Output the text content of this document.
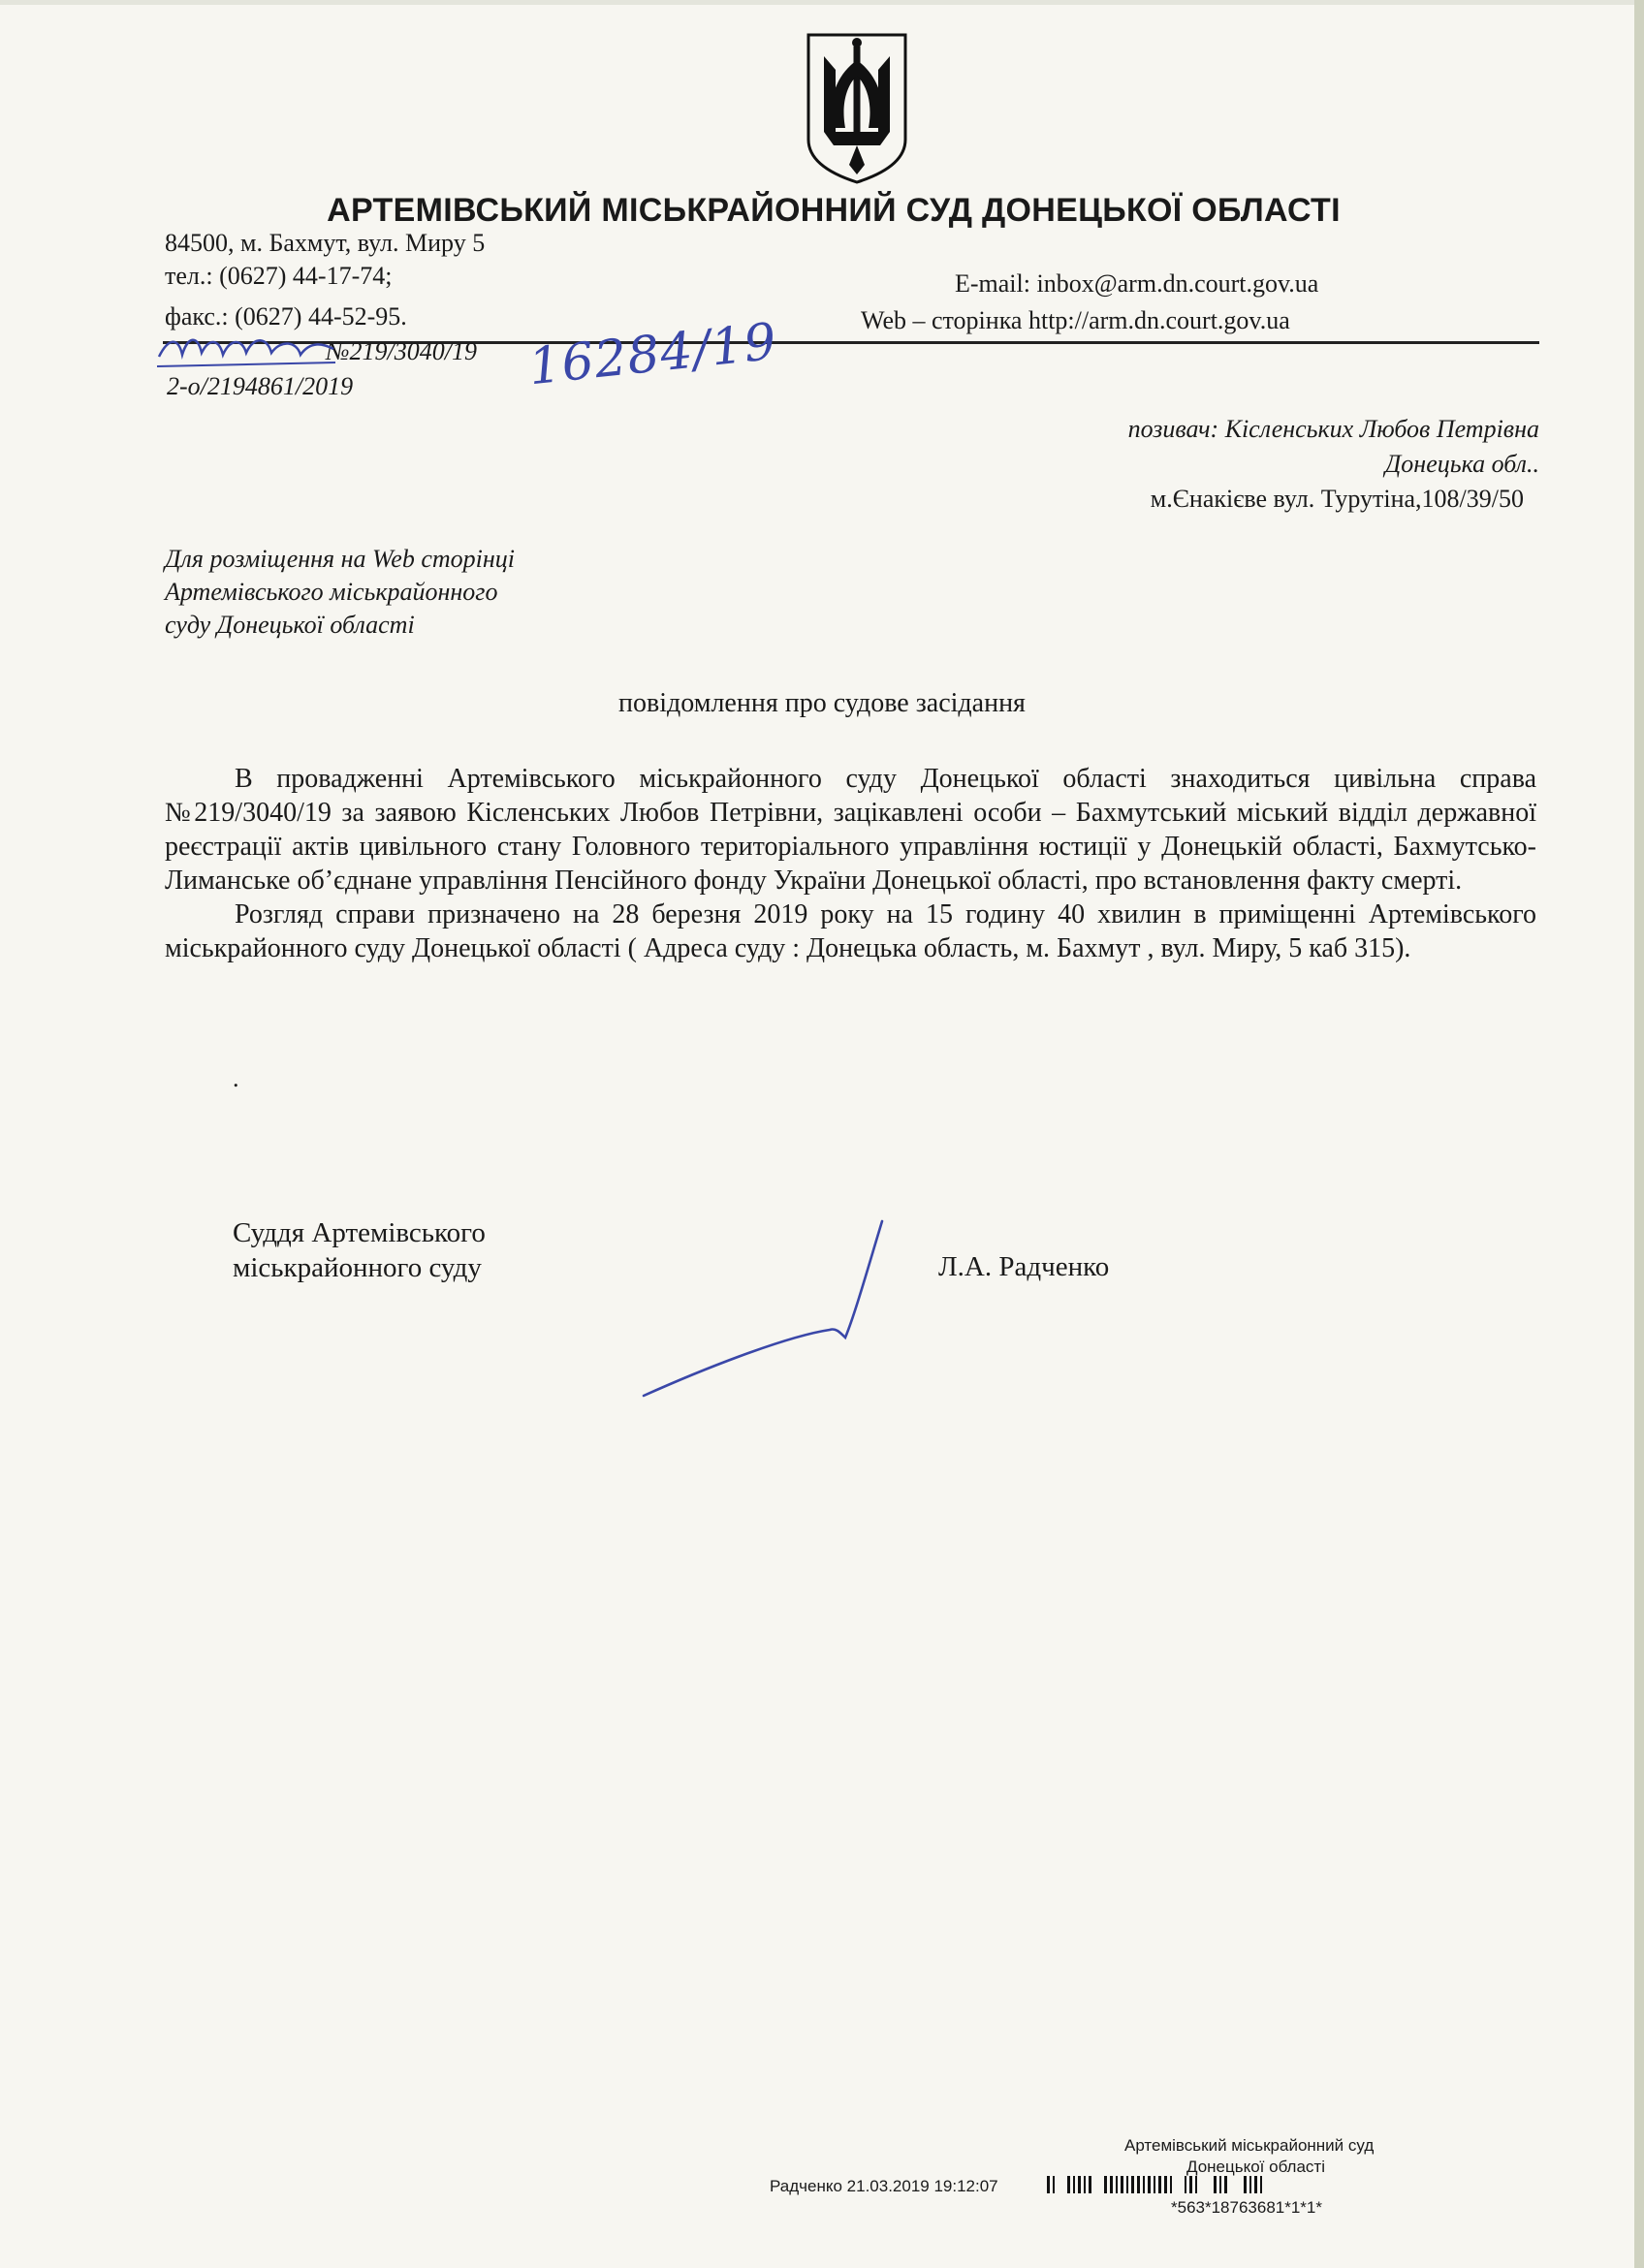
АРТЕМІВСЬКИЙ МІСЬКРАЙОННИЙ СУД ДОНЕЦЬКОЇ ОБЛАСТІ
84500, м. Бахмут, вул. Миру 5
тел.: (0627) 44-17-74;
факс.: (0627) 44-52-95.
E-mail: inbox@arm.dn.court.gov.ua
Web – сторінка http://arm.dn.court.gov.ua
№219/3040/19
2-о/2194861/2019	16284/19
позивач: Кісленських Любов Петрівна
Донецька обл..
м.Єнакієве вул. Турутіна,108/39/50
Для розміщення на Web сторінці
Артемівського міськрайонного
суду Донецької області
повідомлення про судове засідання

В провадженні Артемівського міськрайонного суду Донецької області знаходиться цивільна справа №219/3040/19 за заявою Кісленських Любов Петрівни, зацікавлені особи – Бахмутський міський відділ державної реєстрації актів цивільного стану Головного територіального управління юстиції у Донецькій області, Бахмутсько-Лиманське об’єднане управління Пенсійного фонду України Донецької області, про встановлення факту смерті.

Розгляд справи призначено на 28 березня 2019 року на 15 годину 40 хвилин в приміщенні Артемівського міськрайонного суду Донецької області ( Адреса суду : Донецька область, м. Бахмут , вул. Миру, 5 каб 315).

.
Суддя Артемівського
міськрайонного суду	Л.А. Радченко
Артемівський міськрайонний суд
Донецької області
Радченко 21.03.2019 19:12:07
*563*18763681*1*1*
